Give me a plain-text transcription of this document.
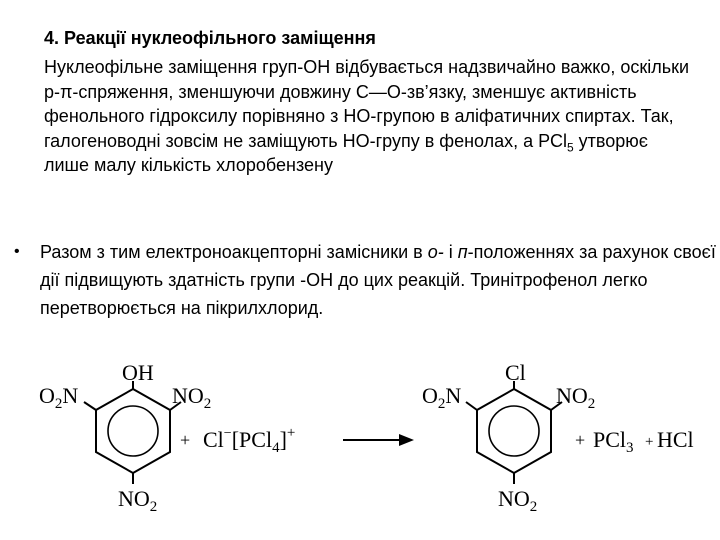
4. Реакції нуклеофільного заміщення

Нуклеофільне заміщення груп-ОН відбувається надзвичайно важко, оскільки р-π-спряження, зменшуючи довжину С—О-зв’язку, зменшує активність фенольного гідроксилу порівняно з НО-групою в аліфатичних спиртах. Так, галогеноводні зовсім не заміщують НО-групу в фенолах, а РСl$_5$ утворює лише малу кількість хлоробензену

• Разом з тим електроноакцепторні замісники в о- і п-положеннях за рахунок своєї дії підвищують здатність групи -ОН до цих реакцій. Тринітрофенол легко перетворюється на пікрилхлорид.

OH
$O_2N$	$NO_2$
$NO_2$
+ Cl−[PCl$_4$]+
Cl
$O_2N$	$NO_2$
$NO_2$
+ PCl$_3$ + HCl
